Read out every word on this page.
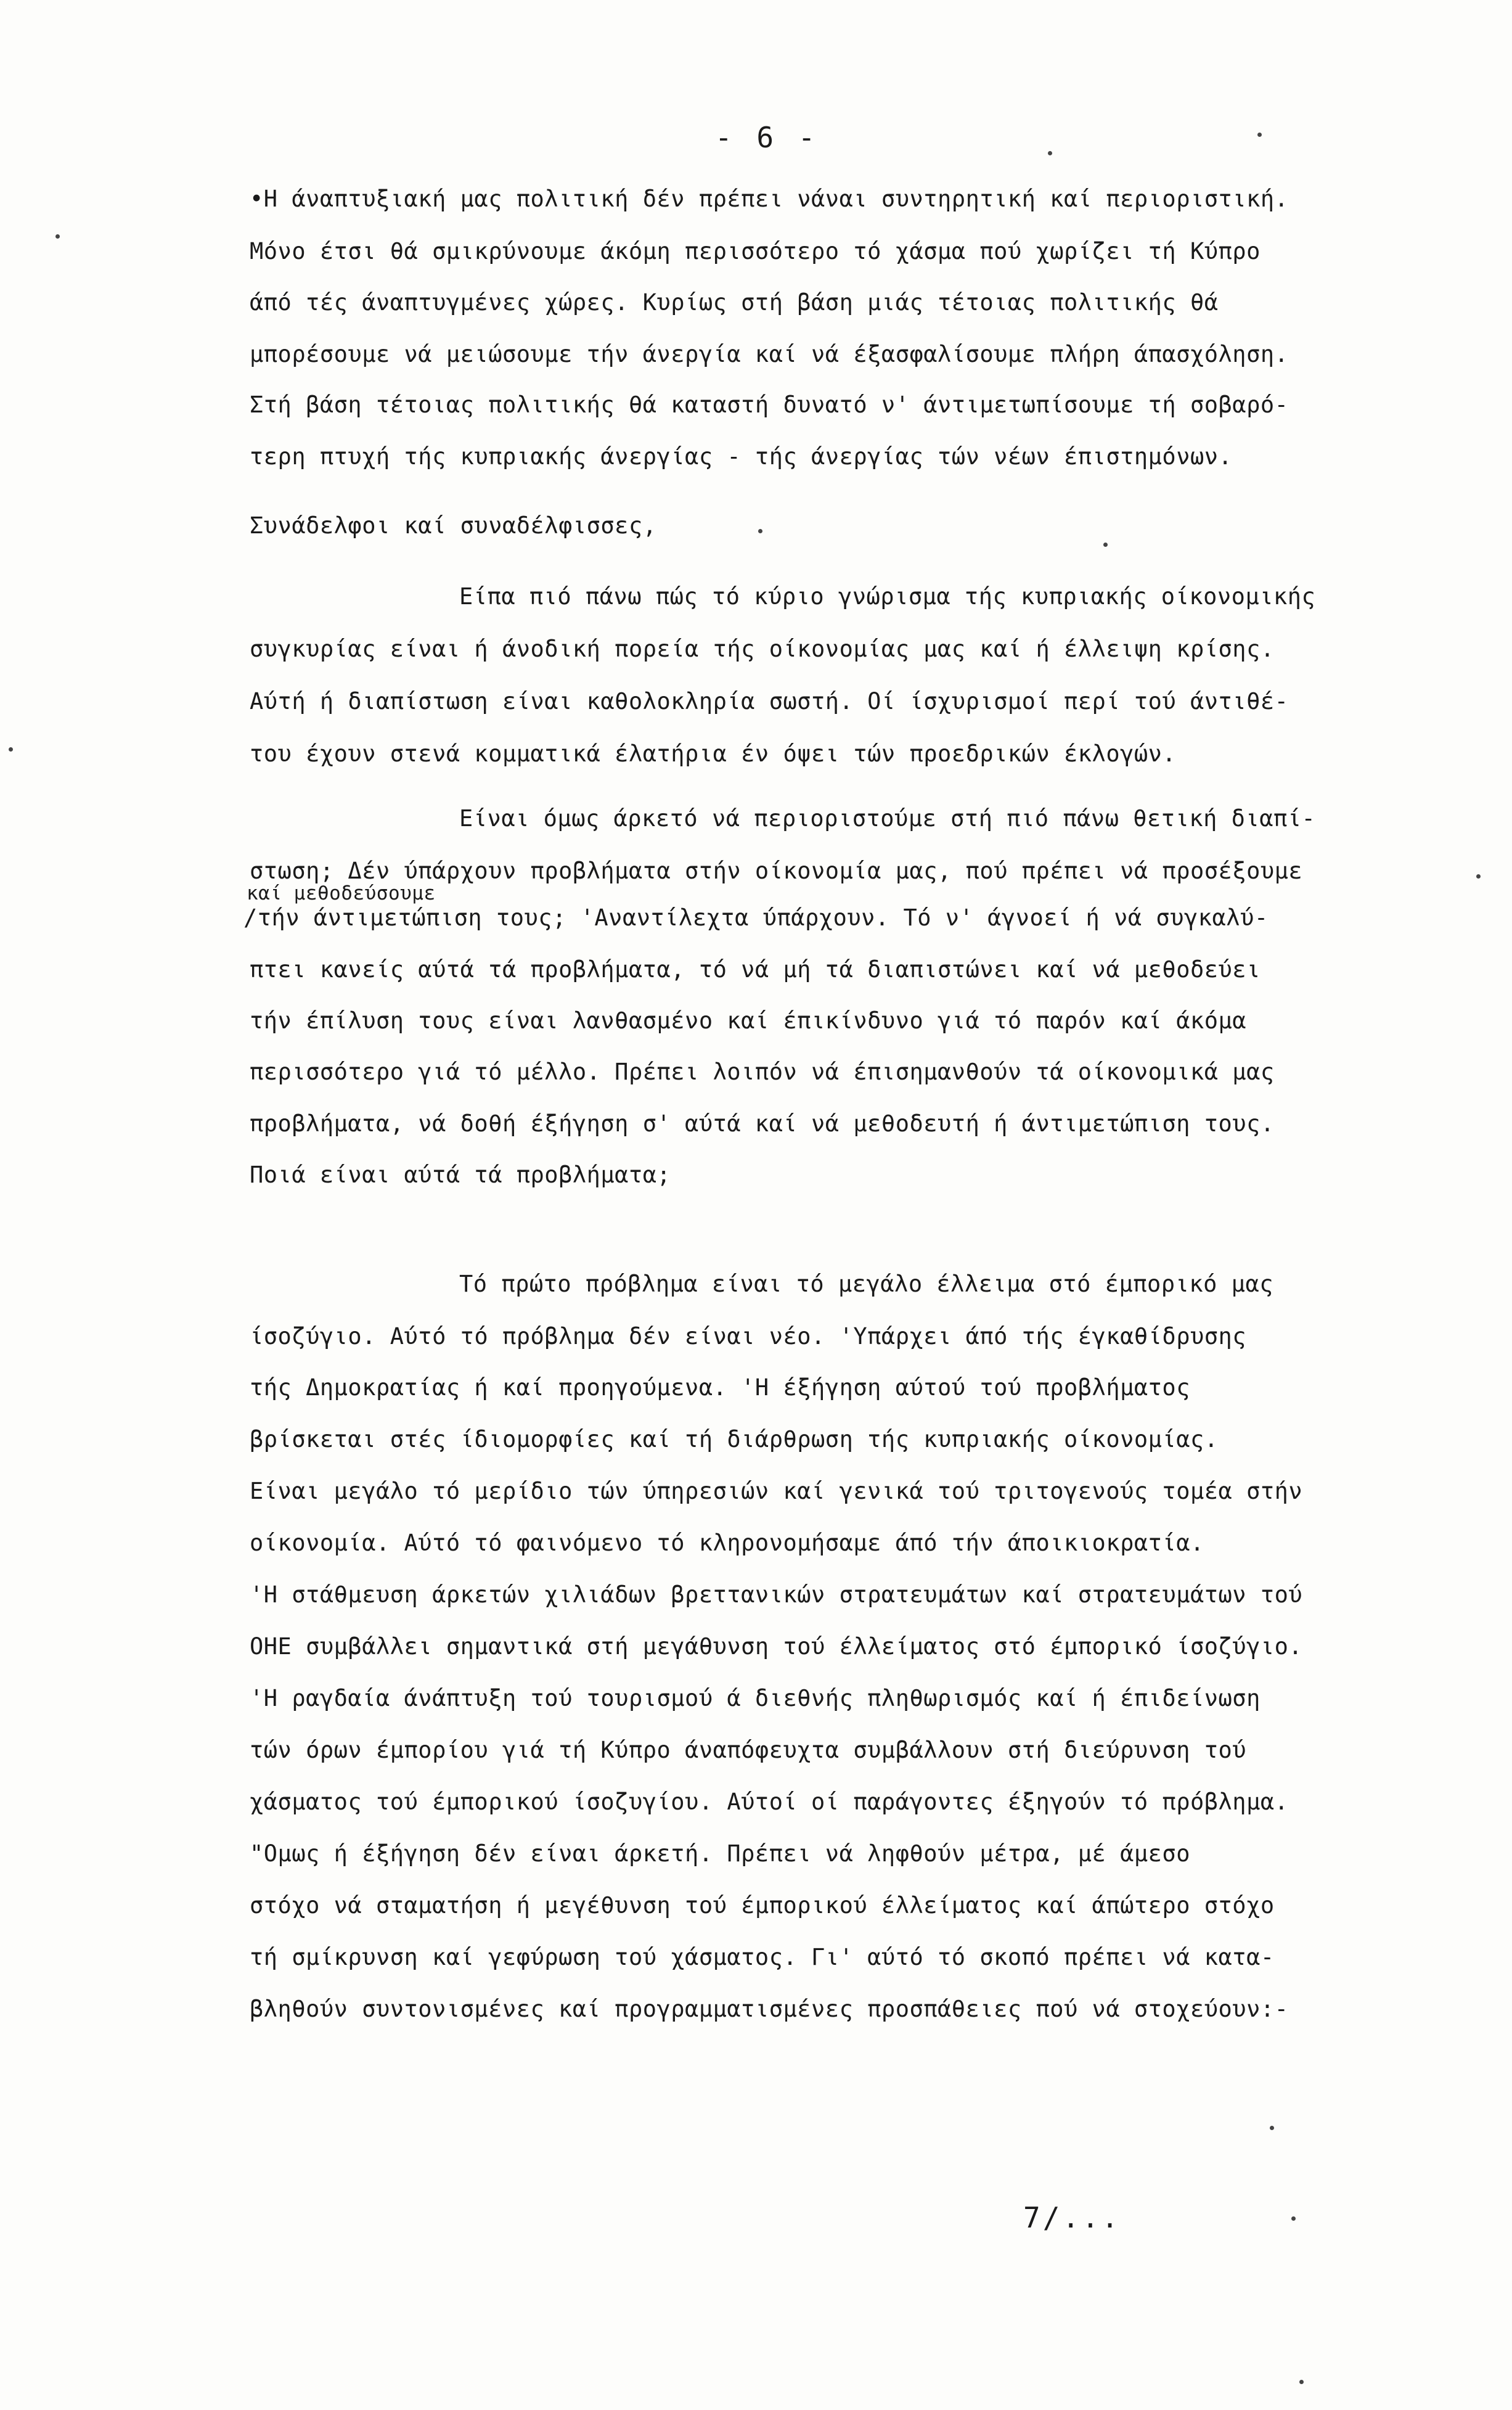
- 6 -
•Η άναπτυξιακή μας πολιτική δέν πρέπει νάναι συντηρητική καί περιοριστική.
Μόνο έτσι θά σμικρύνουμε άκόμη περισσότερο τό χάσμα πού χωρίζει τή Κύπρο
άπό τές άναπτυγμένες χώρες. Κυρίως στή βάση μιάς τέτοιας πολιτικής θά
μπορέσουμε νά μειώσουμε τήν άνεργία καί νά έξασφαλίσουμε πλήρη άπασχόληση.
Στή βάση τέτοιας πολιτικής θά καταστή δυνατό ν' άντιμετωπίσουμε τή σοβαρό-
τερη πτυχή τής κυπριακής άνεργίας - τής άνεργίας τών νέων έπιστημόνων.
Συνάδελφοι καί συναδέλφισσες,
Είπα πιό πάνω πώς τό κύριο γνώρισμα τής κυπριακής οίκονομικής
συγκυρίας είναι ή άνοδική πορεία τής οίκονομίας μας καί ή έλλειψη κρίσης.
Αύτή ή διαπίστωση είναι καθολοκληρία σωστή. Οί ίσχυρισμοί περί τού άντιθέ-
του έχουν στενά κομματικά έλατήρια έν όψει τών προεδρικών έκλογών.
Είναι όμως άρκετό νά περιοριστούμε στή πιό πάνω θετική διαπί-
στωση; Δέν ύπάρχουν προβλήματα στήν οίκονομία μας, πού πρέπει νά προσέξουμε
καί μεθοδεύσουμε
/τήν άντιμετώπιση τους; 'Αναντίλεχτα ύπάρχουν. Τό ν' άγνοεί ή νά συγκαλύ-
πτει κανείς αύτά τά προβλήματα, τό νά μή τά διαπιστώνει καί νά μεθοδεύει
τήν έπίλυση τους είναι λανθασμένο καί έπικίνδυνο γιά τό παρόν καί άκόμα
περισσότερο γιά τό μέλλο. Πρέπει λοιπόν νά έπισημανθούν τά οίκονομικά μας
προβλήματα, νά δοθή έξήγηση σ' αύτά καί νά μεθοδευτή ή άντιμετώπιση τους.
Ποιά είναι αύτά τά προβλήματα;
Τό πρώτο πρόβλημα είναι τό μεγάλο έλλειμα στό έμπορικό μας
ίσοζύγιο. Αύτό τό πρόβλημα δέν είναι νέο. 'Υπάρχει άπό τής έγκαθίδρυσης
τής Δημοκρατίας ή καί προηγούμενα. 'Η έξήγηση αύτού τού προβλήματος
βρίσκεται στές ίδιομορφίες καί τή διάρθρωση τής κυπριακής οίκονομίας.
Είναι μεγάλο τό μερίδιο τών ύπηρεσιών καί γενικά τού τριτογενούς τομέα στήν
οίκονομία. Αύτό τό φαινόμενο τό κληρονομήσαμε άπό τήν άποικιοκρατία.
'Η στάθμευση άρκετών χιλιάδων βρεττανικών στρατευμάτων καί στρατευμάτων τού
ΟΗΕ συμβάλλει σημαντικά στή μεγάθυνση τού έλλείματος στό έμπορικό ίσοζύγιο.
'Η ραγδαία άνάπτυξη τού τουρισμού ά διεθνής πληθωρισμός καί ή έπιδείνωση
τών όρων έμπορίου γιά τή Κύπρο άναπόφευχτα συμβάλλουν στή διεύρυνση τού
χάσματος τού έμπορικού ίσοζυγίου. Αύτοί οί παράγοντες έξηγούν τό πρόβλημα.
"Ομως ή έξήγηση δέν είναι άρκετή. Πρέπει νά ληφθούν μέτρα, μέ άμεσο
στόχο νά σταματήση ή μεγέθυνση τού έμπορικού έλλείματος καί άπώτερο στόχο
τή σμίκρυνση καί γεφύρωση τού χάσματος. Γι' αύτό τό σκοπό πρέπει νά κατα-
βληθούν συντονισμένες καί προγραμματισμένες προσπάθειες πού νά στοχεύουν:-
7/...
